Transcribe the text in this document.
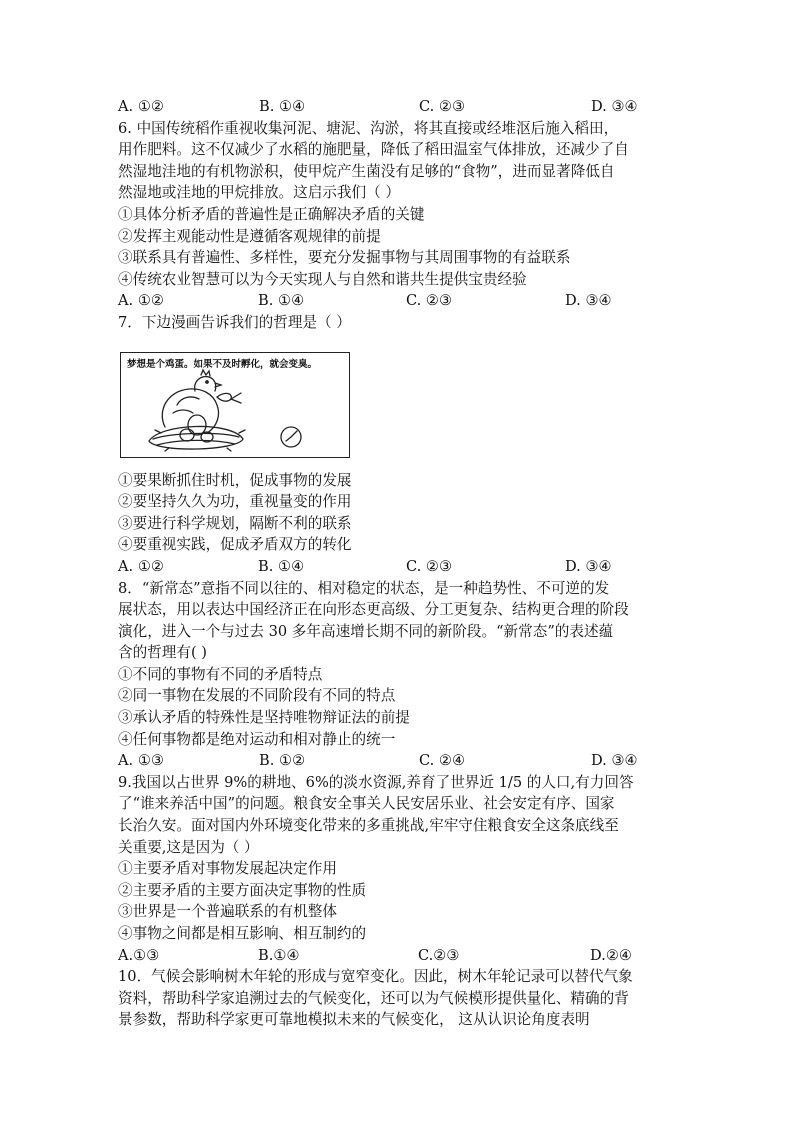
A. ①②	B. ①④	C. ②③	D. ③④
6. 中国传统稻作重视收集河泥、塘泥、沟淤，将其直接或经堆沤后施入稻田，
用作肥料。这不仅减少了水稻的施肥量，降低了稻田温室气体排放，还减少了自
然湿地洼地的有机物淤积，使甲烷产生菌没有足够的“食物”，进而显著降低自
然湿地或洼地的甲烷排放。这启示我们（ ）
①具体分析矛盾的普遍性是正确解决矛盾的关键
②发挥主观能动性是遵循客观规律的前提
③联系具有普遍性、多样性，要充分发掘事物与其周围事物的有益联系
④传统农业智慧可以为今天实现人与自然和谐共生提供宝贵经验
A. ①②	B. ①④	C. ②③	D. ③④
7．下边漫画告诉我们的哲理是（ ）
梦想是个鸡蛋。如果不及时孵化，就会变臭。
①要果断抓住时机，促成事物的发展
②要坚持久久为功，重视量变的作用
③要进行科学规划，隔断不利的联系
④要重视实践，促成矛盾双方的转化
A. ①②	B. ①④	C. ②③	D. ③④
8．“新常态”意指不同以往的、相对稳定的状态，是一种趋势性、不可逆的发
展状态，用以表达中国经济正在向形态更高级、分工更复杂、结构更合理的阶段
演化，进入一个与过去 30 多年高速增长期不同的新阶段。“新常态”的表述蕴
含的哲理有( )
①不同的事物有不同的矛盾特点
②同一事物在发展的不同阶段有不同的特点
③承认矛盾的特殊性是坚持唯物辩证法的前提
④任何事物都是绝对运动和相对静止的统一
A. ①③	B. ①②	C. ②④	D. ③④
9.我国以占世界 9%的耕地、6%的淡水资源,养育了世界近 1/5 的人口,有力回答
了“谁来养活中国”的问题。粮食安全事关人民安居乐业、社会安定有序、国家
长治久安。面对国内外环境变化带来的多重挑战,牢牢守住粮食安全这条底线至
关重要,这是因为（ ）
①主要矛盾对事物发展起决定作用
②主要矛盾的主要方面决定事物的性质
③世界是一个普遍联系的有机整体
④事物之间都是相互影响、相互制约的
A.①③	B.①④	C.②③	D.②④
10．气候会影响树木年轮的形成与宽窄变化。因此，树木年轮记录可以替代气象
资料，帮助科学家追溯过去的气候变化，还可以为气候模形提供量化、精确的背
景参数，帮助科学家更可靠地模拟未来的气候变化， 这从认识论角度表明
